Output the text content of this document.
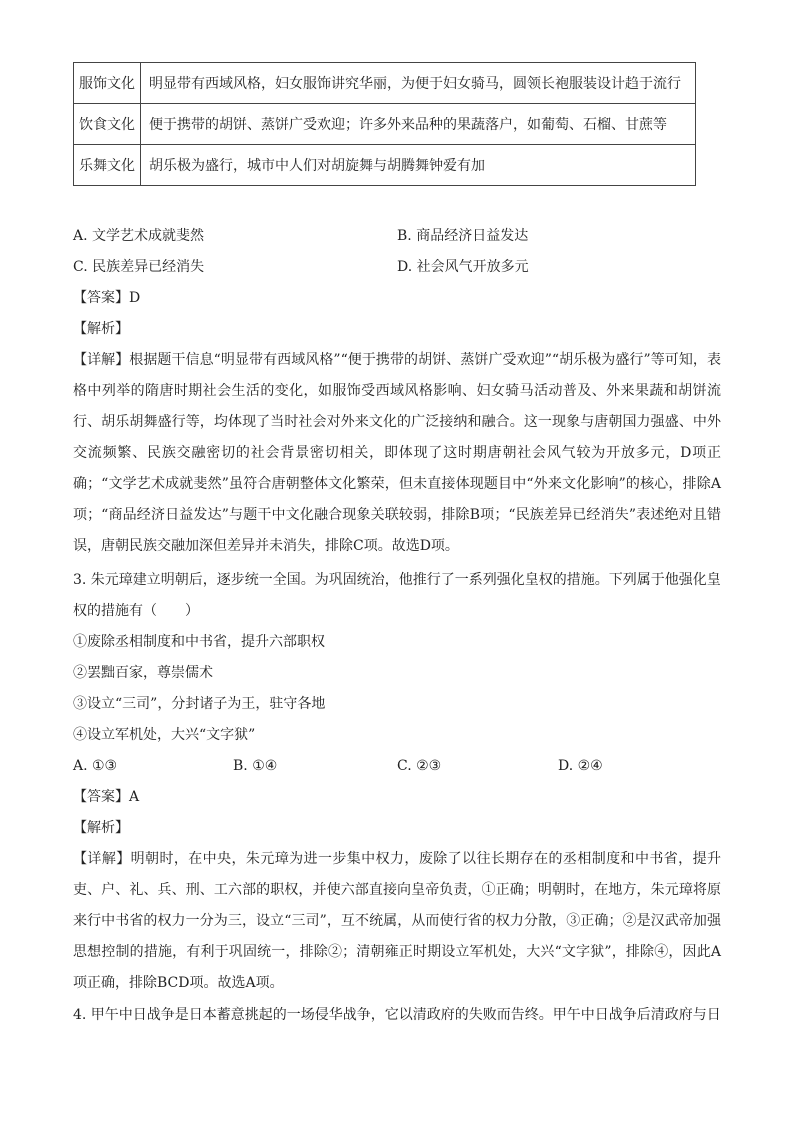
服饰文化	明显带有西域风格，妇女服饰讲究华丽，为便于妇女骑马，圆领长袍服装设计趋于流行
饮食文化	便于携带的胡饼、蒸饼广受欢迎；许多外来品种的果蔬落户，如葡萄、石榴、甘蔗等
乐舞文化	胡乐极为盛行，城市中人们对胡旋舞与胡腾舞钟爱有加
A. 文学艺术成就斐然	B. 商品经济日益发达
C. 民族差异已经消失	D. 社会风气开放多元
【答案】D
【解析】
【详解】根据题干信息“明显带有西域风格”“便于携带的胡饼、蒸饼广受欢迎”“胡乐极为盛行”等可知，表格中列举的隋唐时期社会生活的变化，如服饰受西域风格影响、妇女骑马活动普及、外来果蔬和胡饼流行、胡乐胡舞盛行等，均体现了当时社会对外来文化的广泛接纳和融合。这一现象与唐朝国力强盛、中外交流频繁、民族交融密切的社会背景密切相关，即体现了这时期唐朝社会风气较为开放多元，D项正确；“文学艺术成就斐然”虽符合唐朝整体文化繁荣，但未直接体现题目中“外来文化影响”的核心，排除A项；“商品经济日益发达”与题干中文化融合现象关联较弱，排除B项；“民族差异已经消失”表述绝对且错误，唐朝民族交融加深但差异并未消失，排除C项。故选D项。
3. 朱元璋建立明朝后，逐步统一全国。为巩固统治，他推行了一系列强化皇权的措施。下列属于他强化皇
权的措施有（　　）
①废除丞相制度和中书省，提升六部职权
②罢黜百家，尊崇儒术
③设立“三司”，分封诸子为王，驻守各地
④设立军机处，大兴“文字狱”
A. ①③	B. ①④	C. ②③	D. ②④
【答案】A
【解析】
【详解】明朝时，在中央，朱元璋为进一步集中权力，废除了以往长期存在的丞相制度和中书省，提升吏、户、礼、兵、刑、工六部的职权，并使六部直接向皇帝负责，①正确；明朝时，在地方，朱元璋将原来行中书省的权力一分为三，设立“三司”，互不统属，从而使行省的权力分散，③正确；②是汉武帝加强思想控制的措施，有利于巩固统一，排除②；清朝雍正时期设立军机处，大兴“文字狱”，排除④，因此A项正确，排除BCD项。故选A项。
4. 甲午中日战争是日本蓄意挑起的一场侵华战争，它以清政府的失败而告终。甲午中日战争后清政府与日
